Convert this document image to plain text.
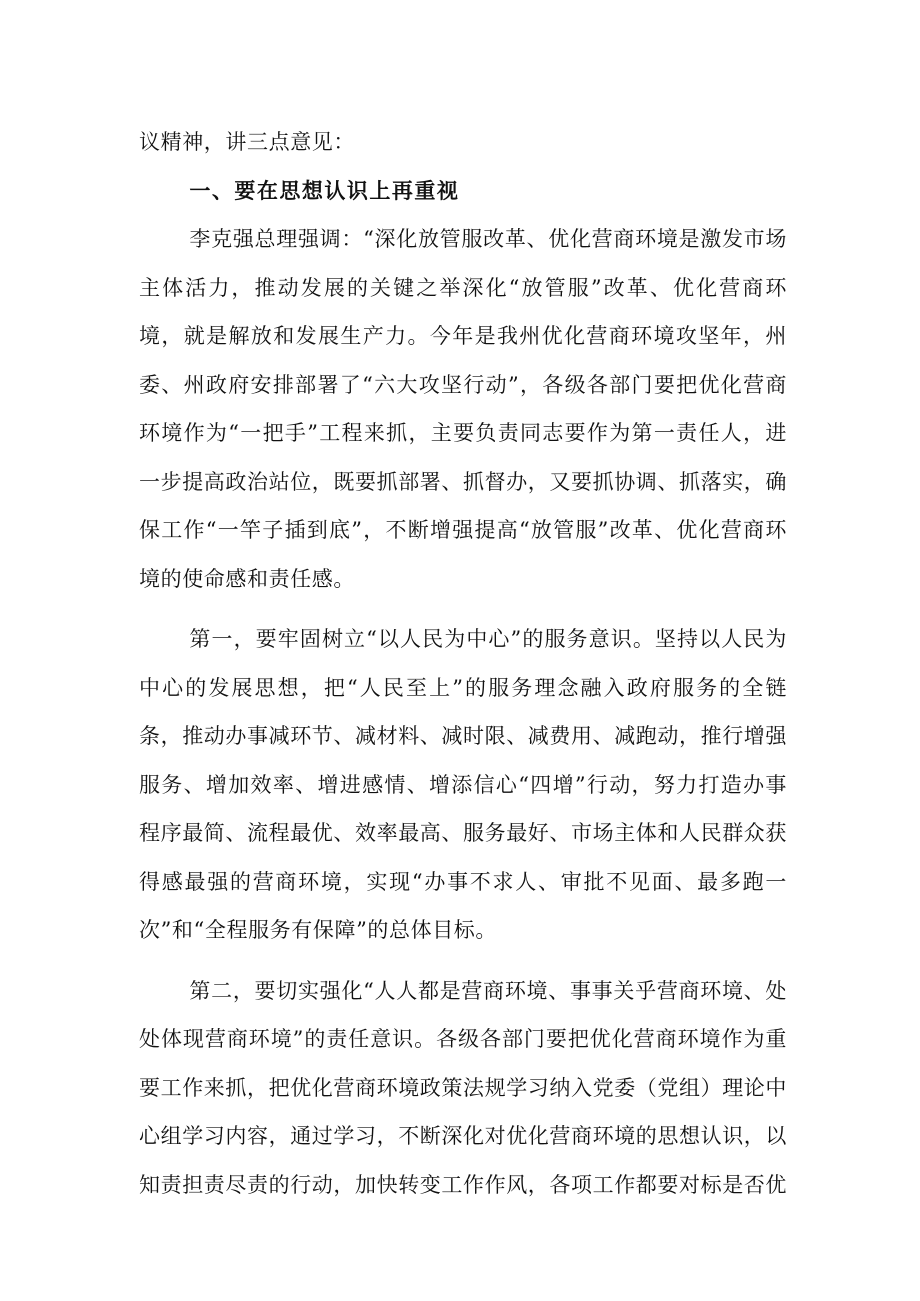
议精神，讲三点意见：

一、要在思想认识上再重视

李克强总理强调：“深化放管服改革、优化营商环境是激发市场主体活力，推动发展的关键之举深化“放管服”改革、优化营商环境，就是解放和发展生产力。今年是我州优化营商环境攻坚年，州委、州政府安排部署了“六大攻坚行动”，各级各部门要把优化营商环境作为“一把手”工程来抓，主要负责同志要作为第一责任人，进一步提高政治站位，既要抓部署、抓督办，又要抓协调、抓落实，确保工作“一竿子插到底”，不断增强提高“放管服”改革、优化营商环境的使命感和责任感。

第一，要牢固树立“以人民为中心”的服务意识。坚持以人民为中心的发展思想，把“人民至上”的服务理念融入政府服务的全链条，推动办事减环节、减材料、减时限、减费用、减跑动，推行增强服务、增加效率、增进感情、增添信心“四增”行动，努力打造办事程序最简、流程最优、效率最高、服务最好、市场主体和人民群众获得感最强的营商环境，实现“办事不求人、审批不见面、最多跑一次”和“全程服务有保障”的总体目标。

第二，要切实强化“人人都是营商环境、事事关乎营商环境、处处体现营商环境”的责任意识。各级各部门要把优化营商环境作为重要工作来抓，把优化营商环境政策法规学习纳入党委（党组）理论中心组学习内容，通过学习，不断深化对优化营商环境的思想认识，以知责担责尽责的行动，加快转变工作作风，各项工作都要对标是否优
